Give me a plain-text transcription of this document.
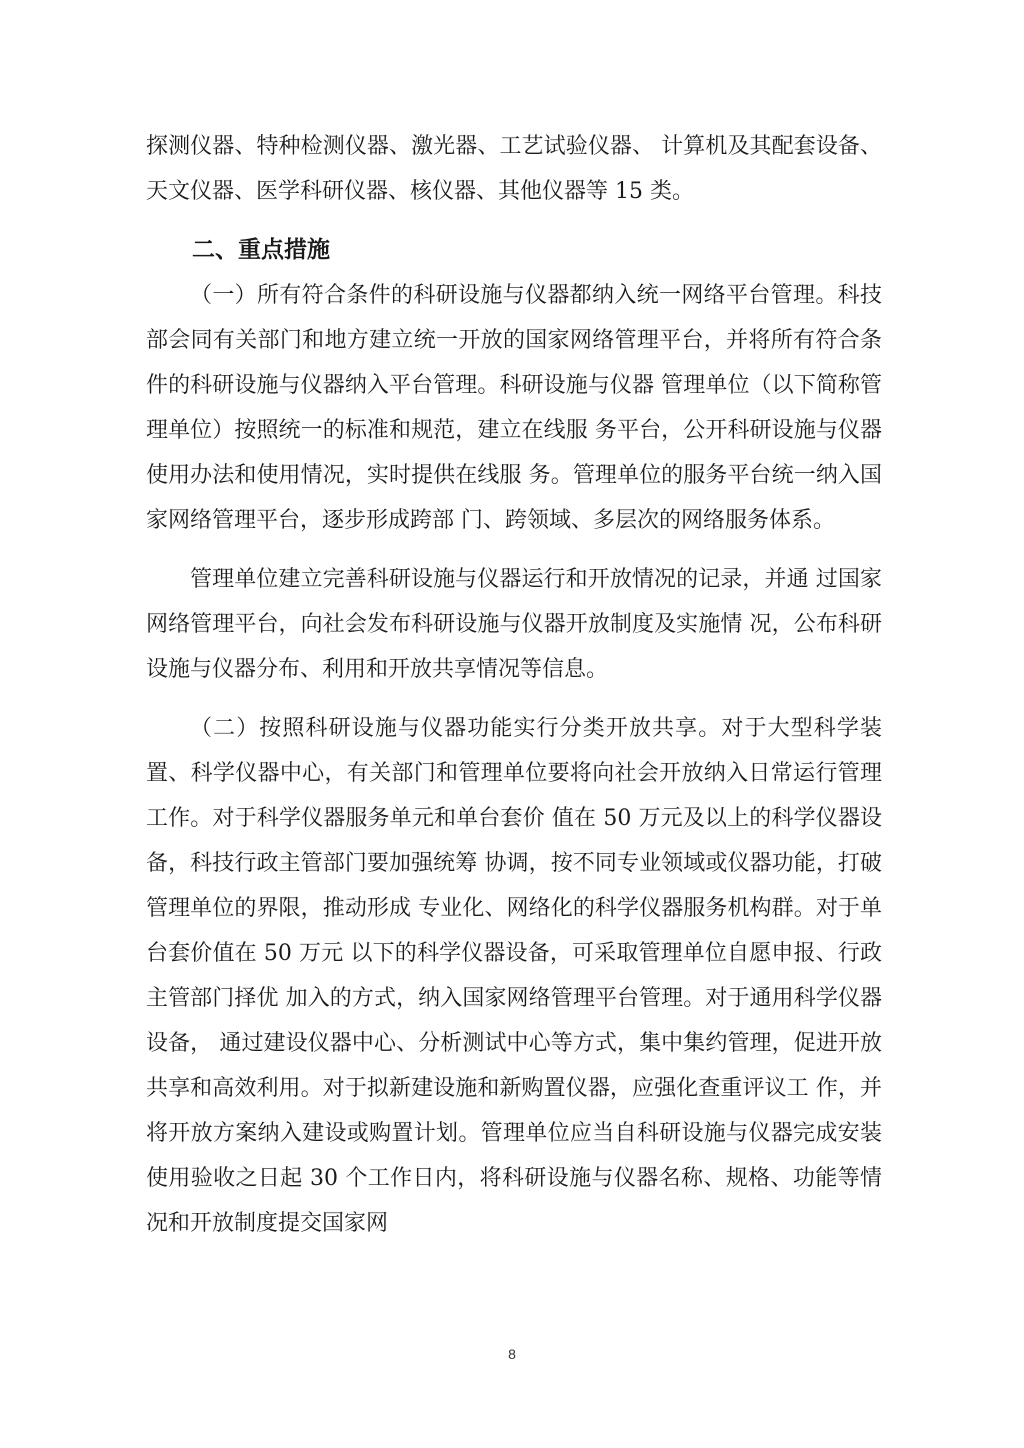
探测仪器、特种检测仪器、激光器、工艺试验仪器、 计算机及其配套设备、天文仪器、医学科研仪器、核仪器、其他仪器等 15 类。

二、重点措施

（一）所有符合条件的科研设施与仪器都纳入统一网络平台管理。科技部会同有关部门和地方建立统一开放的国家网络管理平台，并将所有符合条件的科研设施与仪器纳入平台管理。科研设施与仪器 管理单位（以下简称管理单位）按照统一的标准和规范，建立在线服 务平台，公开科研设施与仪器使用办法和使用情况，实时提供在线服 务。管理单位的服务平台统一纳入国家网络管理平台，逐步形成跨部 门、跨领域、多层次的网络服务体系。

管理单位建立完善科研设施与仪器运行和开放情况的记录，并通 过国家网络管理平台，向社会发布科研设施与仪器开放制度及实施情 况，公布科研设施与仪器分布、利用和开放共享情况等信息。

（二）按照科研设施与仪器功能实行分类开放共享。对于大型科学装置、科学仪器中心，有关部门和管理单位要将向社会开放纳入日常运行管理工作。对于科学仪器服务单元和单台套价 值在 50 万元及以上的科学仪器设备，科技行政主管部门要加强统筹 协调，按不同专业领域或仪器功能，打破管理单位的界限，推动形成 专业化、网络化的科学仪器服务机构群。对于单台套价值在 50 万元 以下的科学仪器设备，可采取管理单位自愿申报、行政主管部门择优 加入的方式，纳入国家网络管理平台管理。对于通用科学仪器设备， 通过建设仪器中心、分析测试中心等方式，集中集约管理，促进开放 共享和高效利用。对于拟新建设施和新购置仪器，应强化查重评议工 作，并将开放方案纳入建设或购置计划。管理单位应当自科研设施与仪器完成安装使用验收之日起 30 个工作日内，将科研设施与仪器名称、规格、功能等情况和开放制度提交国家网

8
